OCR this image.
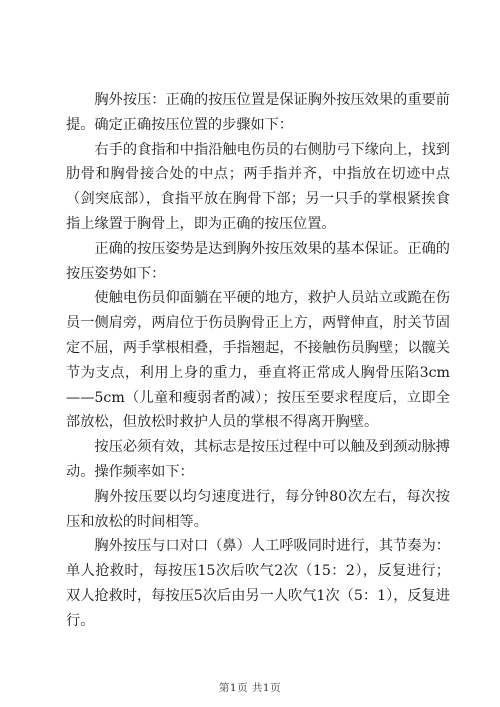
胸外按压：正确的按压位置是保证胸外按压效果的重要前提。确定正确按压位置的步骤如下：

右手的食指和中指沿触电伤员的右侧肋弓下缘向上，找到肋骨和胸骨接合处的中点；两手指并齐，中指放在切迹中点（剑突底部），食指平放在胸骨下部；另一只手的掌根紧挨食指上缘置于胸骨上，即为正确的按压位置。

正确的按压姿势是达到胸外按压效果的基本保证。正确的按压姿势如下：

使触电伤员仰面躺在平硬的地方，救护人员站立或跪在伤员一侧肩旁，两肩位于伤员胸骨正上方，两臂伸直，肘关节固定不屈，两手掌根相叠，手指翘起，不接触伤员胸壁；以髋关节为支点，利用上身的重力，垂直将正常成人胸骨压陷3cm——5cm（儿童和瘦弱者酌减）；按压至要求程度后，立即全部放松，但放松时救护人员的掌根不得离开胸壁。

按压必须有效，其标志是按压过程中可以触及到颈动脉搏动。操作频率如下：

胸外按压要以均匀速度进行，每分钟80次左右，每次按压和放松的时间相等。

胸外按压与口对口（鼻）人工呼吸同时进行，其节奏为：单人抢救时，每按压15次后吹气2次（15：2），反复进行；双人抢救时，每按压5次后由另一人吹气1次（5：1），反复进行。

第1页 共1页
